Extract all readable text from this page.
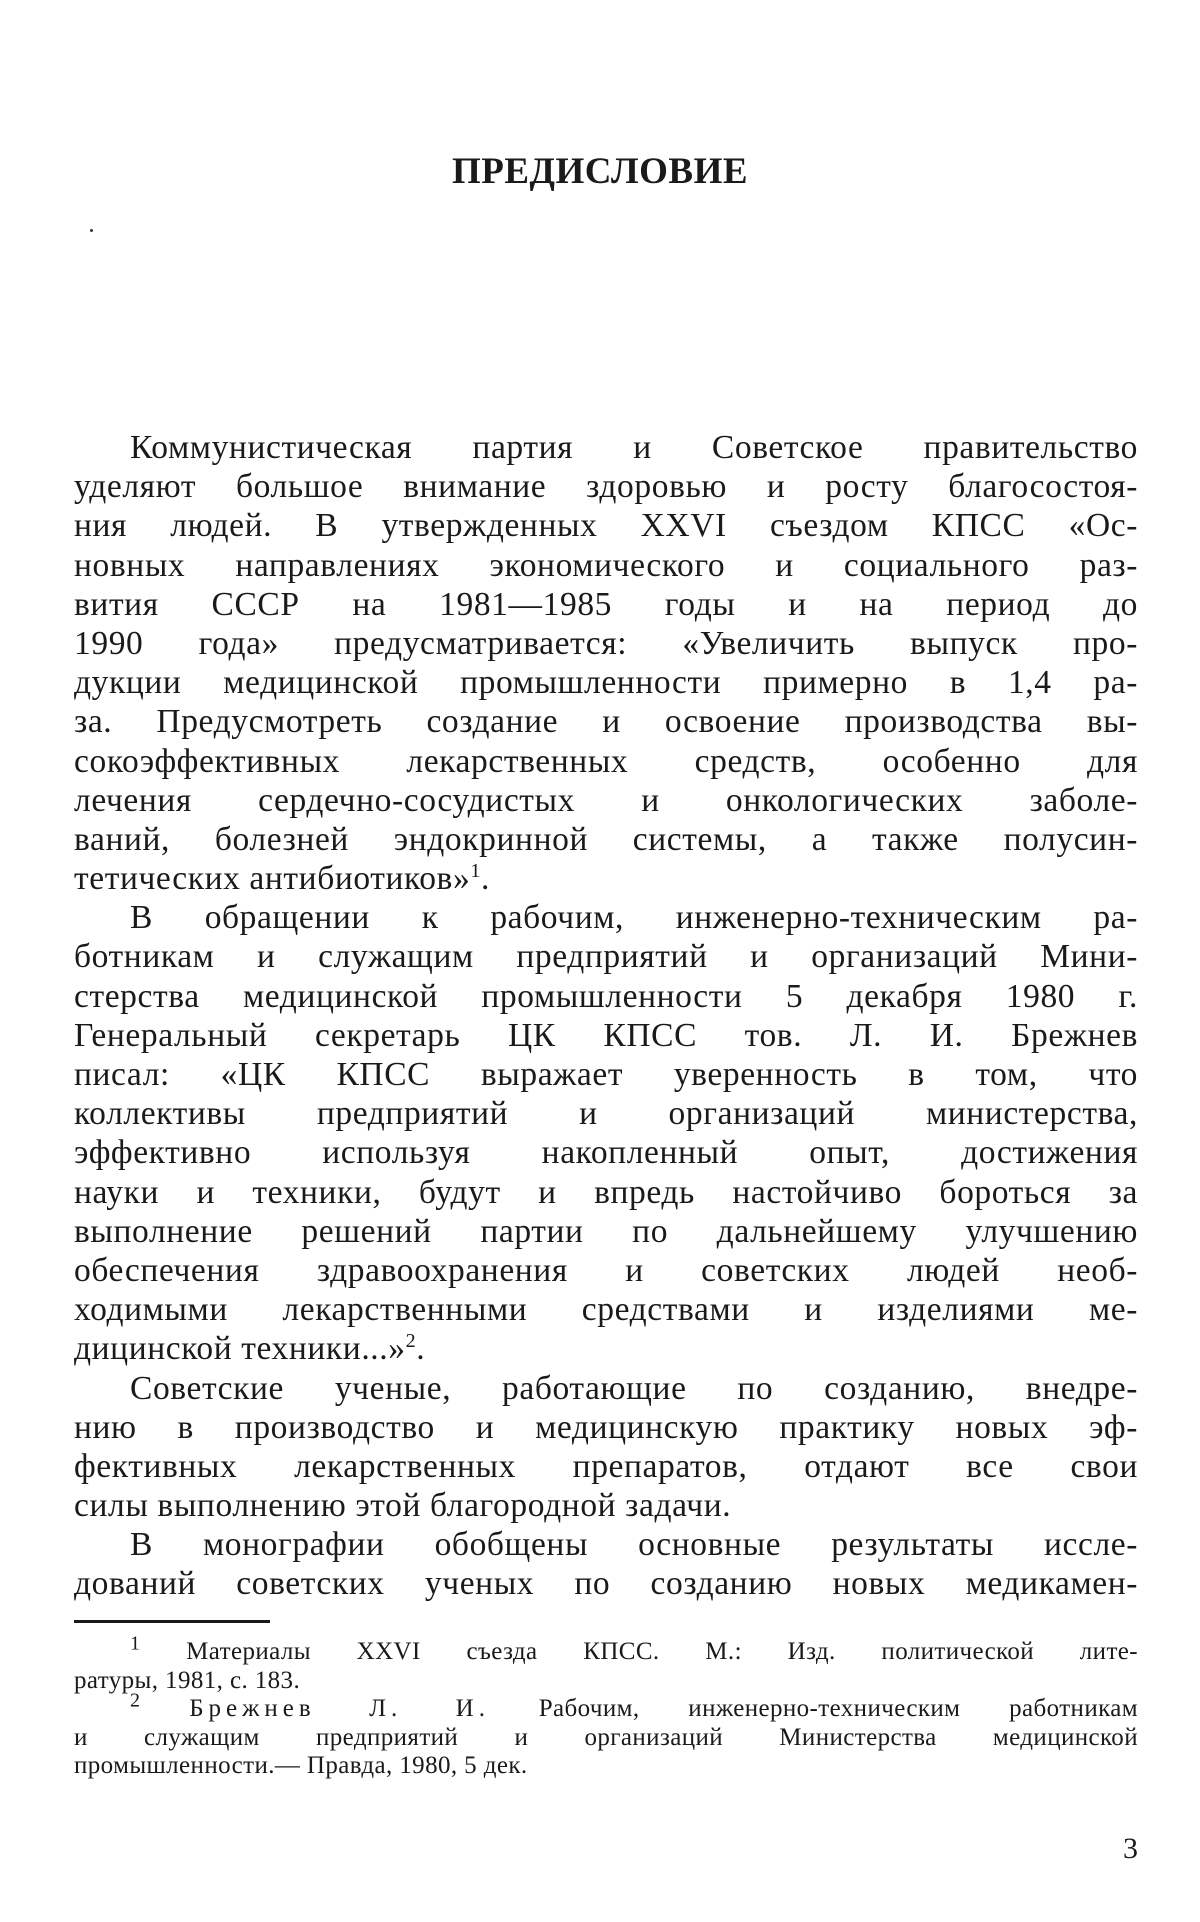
ПРЕДИСЛОВИЕ
Коммунистическая партия и Советское правительство
уделяют большое внимание здоровью и росту благосостоя-
ния людей. В утвержденных XXVI съездом КПСС «Ос-
новных направлениях экономического и социального раз-
вития СССР на 1981—1985 годы и на период до
1990 года» предусматривается: «Увеличить выпуск про-
дукции медицинской промышленности примерно в 1,4 ра-
за. Предусмотреть создание и освоение производства вы-
сокоэффективных лекарственных средств, особенно для
лечения сердечно-сосудистых и онкологических заболе-
ваний, болезней эндокринной системы, а также полусин-
тетических антибиотиков»$^1$.
В обращении к рабочим, инженерно-техническим ра-
ботникам и служащим предприятий и организаций Мини-
стерства медицинской промышленности 5 декабря 1980 г.
Генеральный секретарь ЦК КПСС тов. Л. И. Брежнев
писал: «ЦК КПСС выражает уверенность в том, что
коллективы предприятий и организаций министерства,
эффективно используя накопленный опыт, достижения
науки и техники, будут и впредь настойчиво бороться за
выполнение решений партии по дальнейшему улучшению
обеспечения здравоохранения и советских людей необ-
ходимыми лекарственными средствами и изделиями ме-
дицинской техники...»$^2$.
Советские ученые, работающие по созданию, внедре-
нию в производство и медицинскую практику новых эф-
фективных лекарственных препаратов, отдают все свои
силы выполнению этой благородной задачи.
В монографии обобщены основные результаты иссле-
дований советских ученых по созданию новых медикамен-
$^1$ Материалы XXVI съезда КПСС. М.: Изд. политической лите-
ратуры, 1981, с. 183.
$^2$ Брежнев Л. И. Рабочим, инженерно-техническим работникам
и служащим предприятий и организаций Министерства медицинской
промышленности.— Правда, 1980, 5 дек.

3
